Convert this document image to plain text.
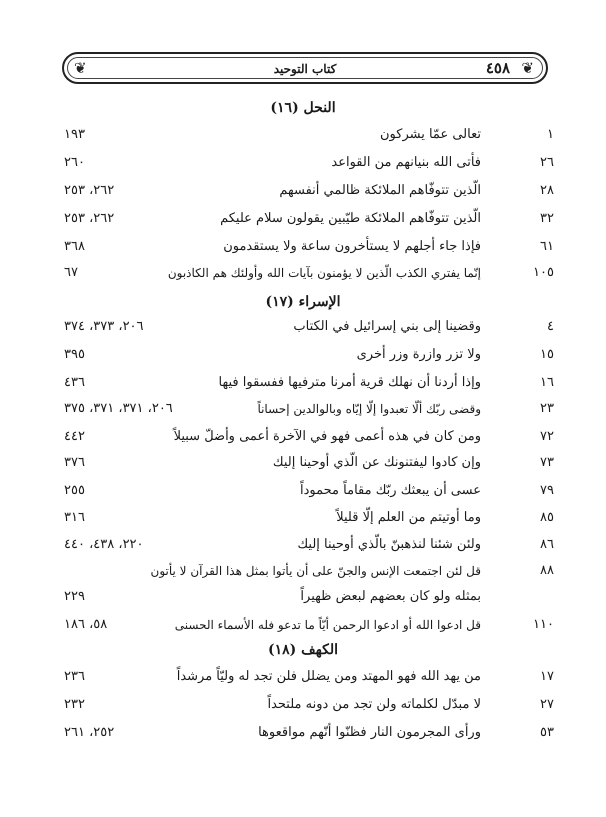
❦
❦	٤٥٨
كتاب التوحيد
النحل (١٦)
١
تعالى عمّا يشركون
١٩٣
٢٦
فأتى الله بنيانهم من القواعد
٢٦٠
٢٨
الّذين تتوفّاهم الملائكة ظالمي أنفسهم
٢٦٢، ٢٥٣
٣٢
الّذين تتوفّاهم الملائكة طيّبين يقولون سلام عليكم
٢٦٢، ٢٥٣
٦١
فإذا جاء أجلهم لا يستأخرون ساعة ولا يستقدمون
٣٦٨
١٠٥
إنّما يفتري الكذب الّذين لا يؤمنون بآيات الله وأولئك هم الكاذبون
٦٧
الإسراء (١٧)
٤
وقضينا إلى بني إسرائيل في الكتاب
٢٠٦، ٣٧٣، ٣٧٤
١٥
ولا تزر وازرة وزر أخرى
٣٩٥
١٦
وإذا أردنا أن نهلك قرية أمرنا مترفيها ففسقوا فيها
٤٣٦
٢٣
وقضى ربّك ألّا تعبدوا إلّا إيّاه وبالوالدين إحساناً
٢٠٦، ٣٧١، ٣٧١، ٣٧٥
٧٢
ومن كان في هذه أعمى فهو في الآخرة أعمى وأضلّ سبيلاً
٤٤٢
٧٣
وإن كادوا ليفتنونك عن الّذي أوحينا إليك
٣٧٦
٧٩
عسى أن يبعثك ربّك مقاماً محموداً
٢٥٥
٨٥
وما أوتيتم من العلم إلّا قليلاً
٣١٦
٨٦
ولئن شئنا لنذهبنّ بالّذي أوحينا إليك
٢٢٠، ٤٣٨، ٤٤٠
٨٨
قل لئن اجتمعت الإنس والجنّ على أن يأتوا بمثل هذا القرآن لا يأتون
بمثله ولو كان بعضهم لبعض ظهيراً
٢٢٩
١١٠
قل ادعوا الله أو ادعوا الرحمن أيّاً ما تدعو فله الأسماء الحسنى
٥٨، ١٨٦
الكهف (١٨)
١٧
من يهد الله فهو المهتد ومن يضلل فلن تجد له وليّاً مرشداً
٢٣٦
٢٧
لا مبدّل لكلماته ولن تجد من دونه ملتحداً
٢٣٢
٥٣
ورأى المجرمون النار فظنّوا أنّهم مواقعوها
٢٥٢، ٢٦١
